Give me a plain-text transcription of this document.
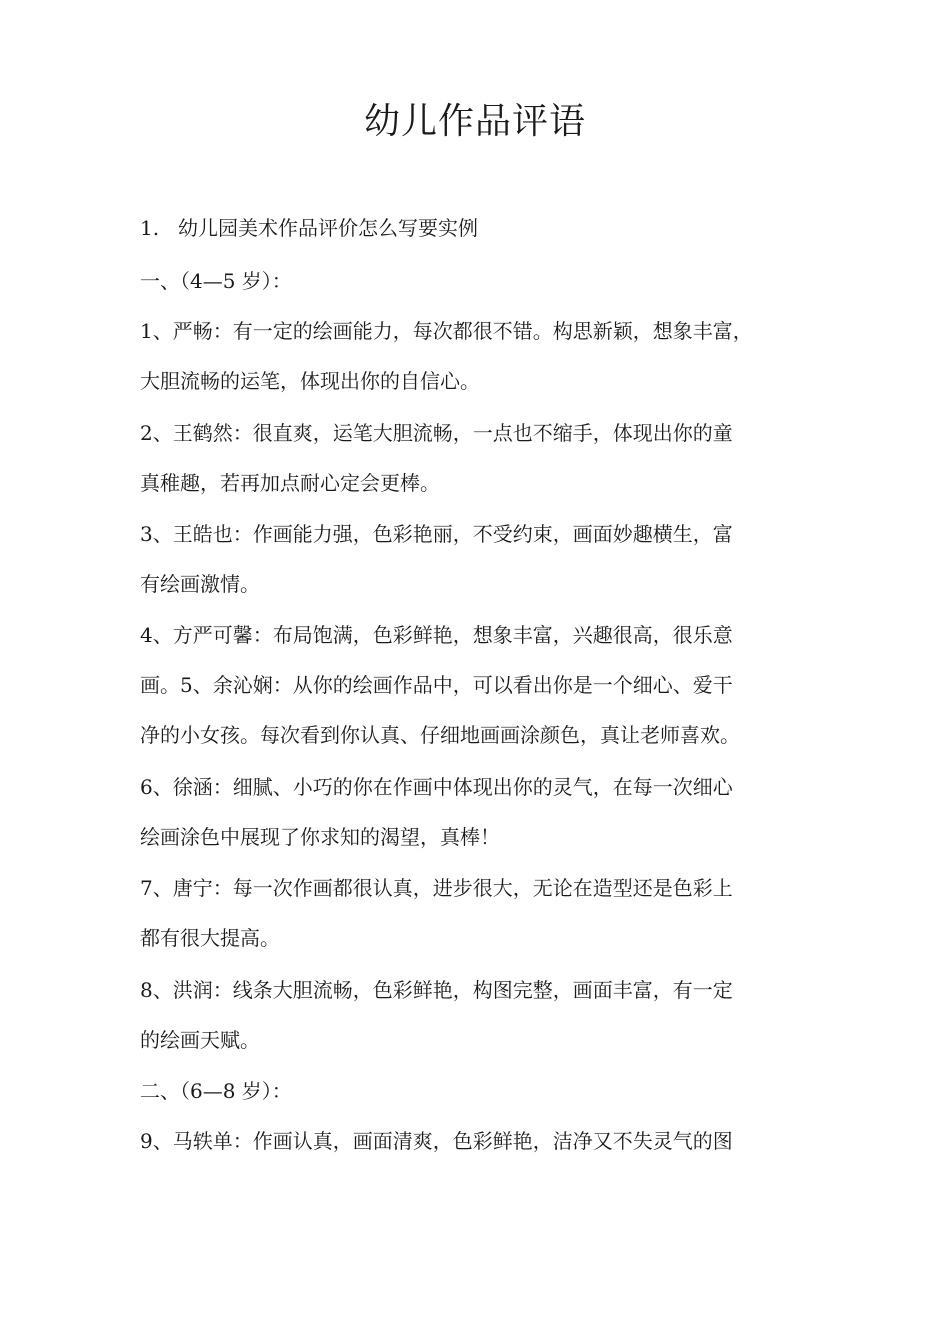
幼儿作品评语
1. 幼儿园美术作品评价怎么写要实例
一、（4—5 岁）：
1、严畅：有一定的绘画能力，每次都很不错。构思新颖，想象丰富，
大胆流畅的运笔，体现出你的自信心。
2、王鹤然：很直爽，运笔大胆流畅，一点也不缩手，体现出你的童
真稚趣，若再加点耐心定会更棒。
3、王皓也：作画能力强，色彩艳丽，不受约束，画面妙趣横生，富
有绘画激情。
4、方严可馨：布局饱满，色彩鲜艳，想象丰富，兴趣很高，很乐意
画。5、余沁娴：从你的绘画作品中，可以看出你是一个细心、爱干
净的小女孩。每次看到你认真、仔细地画画涂颜色，真让老师喜欢。
6、徐涵：细腻、小巧的你在作画中体现出你的灵气，在每一次细心
绘画涂色中展现了你求知的渴望，真棒！
7、唐宁：每一次作画都很认真，进步很大，无论在造型还是色彩上
都有很大提高。
8、洪润：线条大胆流畅，色彩鲜艳，构图完整，画面丰富，有一定
的绘画天赋。
二、（6—8 岁）：
9、马轶单：作画认真，画面清爽，色彩鲜艳，洁净又不失灵气的图
